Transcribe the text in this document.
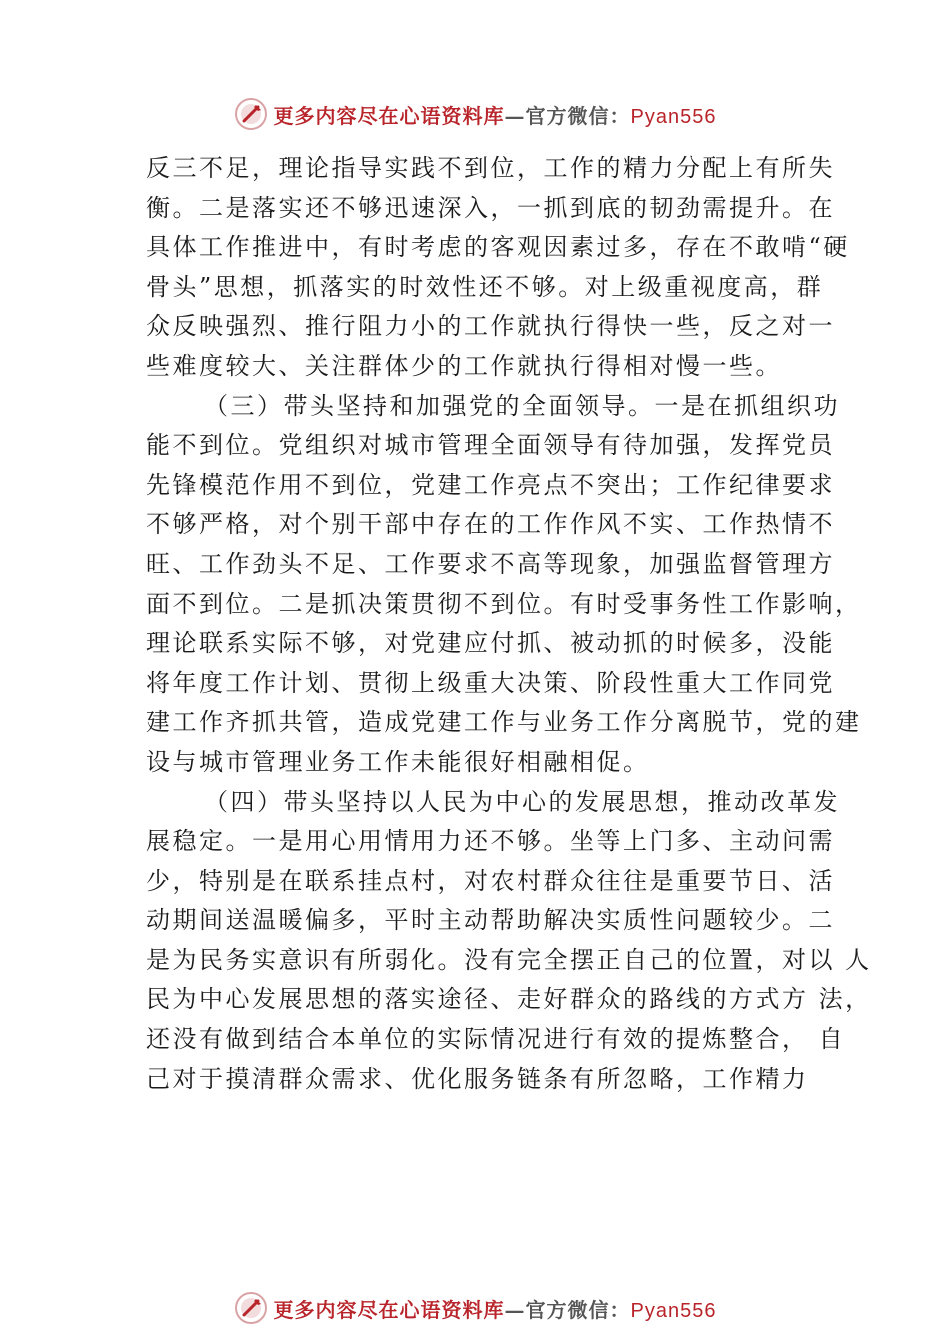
更多内容尽在心语资料库—官方微信：Pyan556
反三不足，理论指导实践不到位，工作的精力分配上有所失
衡。二是落实还不够迅速深入，一抓到底的韧劲需提升。在
具体工作推进中，有时考虑的客观因素过多，存在不敢啃“硬
骨头”思想，抓落实的时效性还不够。对上级重视度高，群
众反映强烈、推行阻力小的工作就执行得快一些，反之对一
些难度较大、关注群体少的工作就执行得相对慢一些。
（三）带头坚持和加强党的全面领导。一是在抓组织功
能不到位。党组织对城市管理全面领导有待加强，发挥党员
先锋模范作用不到位，党建工作亮点不突出；工作纪律要求
不够严格，对个别干部中存在的工作作风不实、工作热情不
旺、工作劲头不足、工作要求不高等现象，加强监督管理方
面不到位。二是抓决策贯彻不到位。有时受事务性工作影响，
理论联系实际不够，对党建应付抓、被动抓的时候多，没能
将年度工作计划、贯彻上级重大决策、阶段性重大工作同党
建工作齐抓共管，造成党建工作与业务工作分离脱节，党的建
设与城市管理业务工作未能很好相融相促。
（四）带头坚持以人民为中心的发展思想，推动改革发
展稳定。一是用心用情用力还不够。坐等上门多、主动问需
少，特别是在联系挂点村，对农村群众往往是重要节日、活
动期间送温暖偏多，平时主动帮助解决实质性问题较少。二
是为民务实意识有所弱化。没有完全摆正自己的位置，对以 人
民为中心发展思想的落实途径、走好群众的路线的方式方 法，
还没有做到结合本单位的实际情况进行有效的提炼整合， 自
己对于摸清群众需求、优化服务链条有所忽略，工作精力
更多内容尽在心语资料库—官方微信：Pyan556
